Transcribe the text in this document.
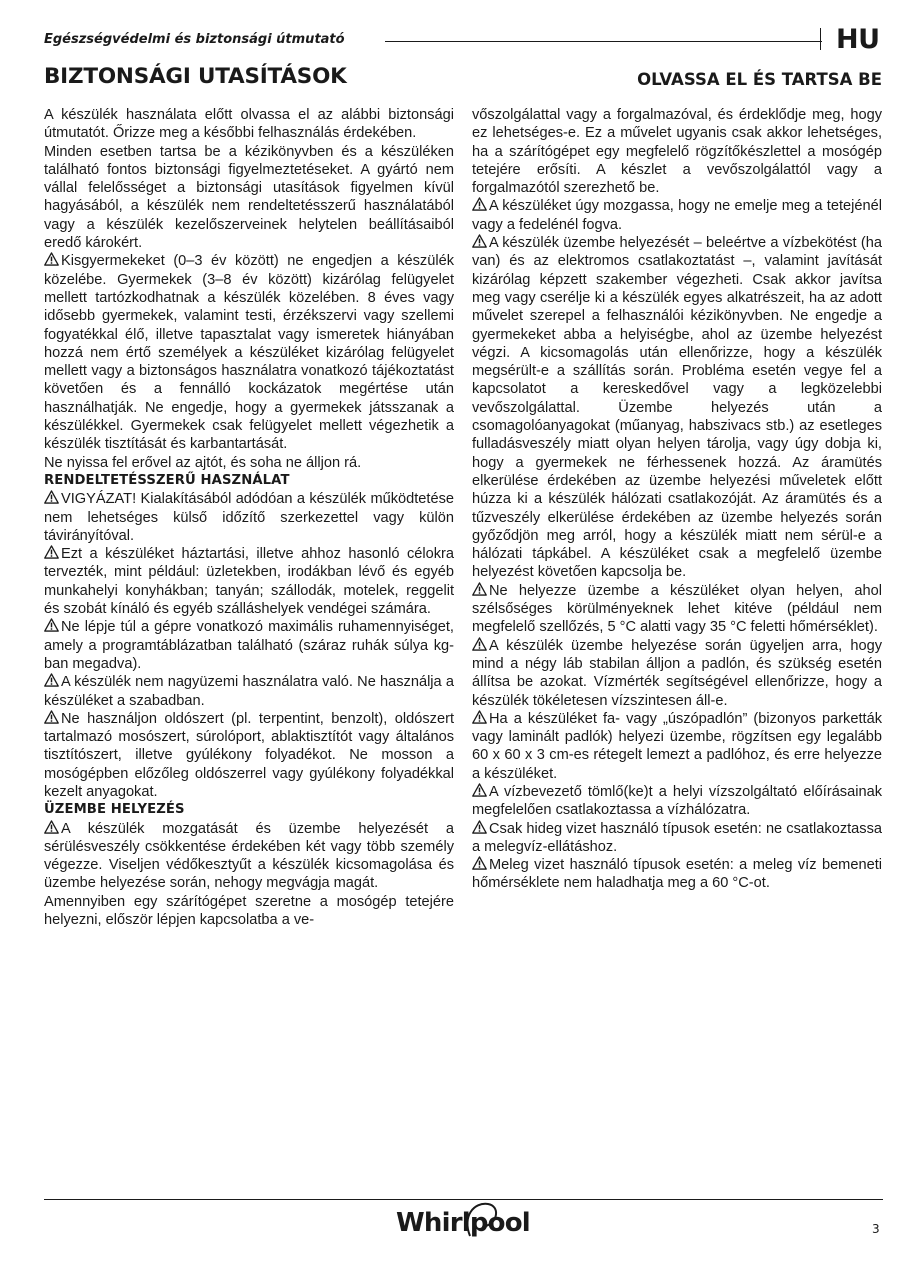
Egészségvédelmi és biztonsági útmutató	HU
BIZTONSÁGI UTASÍTÁSOK	OLVASSA EL ÉS TARTSA BE

A készülék használata előtt olvassa el az alábbi biztonsági útmutatót. Őrizze meg a későbbi felhasználás érdekében.

Minden esetben tartsa be a kézikönyvben és a készüléken található fontos biztonsági figyelmeztetéseket. A gyártó nem vállal felelősséget a biztonsági utasítások figyelmen kívül hagyásából, a készülék nem rendeltetésszerű használatából vagy a készülék kezelőszerveinek helytelen beállításaiból eredő károkért.

Kisgyermekeket (0–3 év között) ne engedjen a készülék közelébe. Gyermekek (3–8 év között) kizárólag felügyelet mellett tartózkodhatnak a készülék közelében. 8 éves vagy idősebb gyermekek, valamint testi, érzékszervi vagy szellemi fogyatékkal élő, illetve tapasztalat vagy ismeretek hiányában hozzá nem értő személyek a készüléket kizárólag felügyelet mellett vagy a biztonságos használatra vonatkozó tájékoztatást követően és a fennálló kockázatok megértése után használhatják. Ne engedje, hogy a gyermekek játsszanak a készülékkel. Gyermekek csak felügyelet mellett végezhetik a készülék tisztítását és karbantartását.

Ne nyissa fel erővel az ajtót, és soha ne álljon rá.

RENDELTETÉSSZERŰ HASZNÁLAT

VIGYÁZAT! Kialakításából adódóan a készülék működtetése nem lehetséges külső időzítő szerkezettel vagy külön távirányítóval.

Ezt a készüléket háztartási, illetve ahhoz hasonló célokra tervezték, mint például: üzletekben, irodákban lévő és egyéb munkahelyi konyhákban; tanyán; szállodák, motelek, reggelit és szobát kínáló és egyéb szálláshelyek vendégei számára.

Ne lépje túl a gépre vonatkozó maximális ruhamennyiséget, amely a programtáblázatban található (száraz ruhák súlya kg-ban megadva).

A készülék nem nagyüzemi használatra való. Ne használja a készüléket a szabadban.

Ne használjon oldószert (pl. terpentint, benzolt), oldószert tartalmazó mosószert, súrolóport, ablaktisztítót vagy általános tisztítószert, illetve gyúlékony folyadékot. Ne mosson a mosógépben előzőleg oldószerrel vagy gyúlékony folyadékkal kezelt anyagokat.

ÜZEMBE HELYEZÉS

A készülék mozgatását és üzembe helyezését a sérülésveszély csökkentése érdekében két vagy több személy végezze. Viseljen védőkesztyűt a készülék kicsomagolása és üzembe helyezése során, nehogy megvágja magát.

Amennyiben egy szárítógépet szeretne a mosógép tetejére helyezni, először lépjen kapcsolatba a ve-

vőszolgálattal vagy a forgalmazóval, és érdeklődje meg, hogy ez lehetséges-e. Ez a művelet ugyanis csak akkor lehetséges, ha a szárítógépet egy megfelelő rögzítőkészlettel a mosógép tetejére erősíti. A készlet a vevőszolgálattól vagy a forgalmazótól szerezhető be.

A készüléket úgy mozgassa, hogy ne emelje meg a tetejénél vagy a fedelénél fogva.

A készülék üzembe helyezését – beleértve a vízbekötést (ha van) és az elektromos csatlakoztatást –, valamint javítását kizárólag képzett szakember végezheti. Csak akkor javítsa meg vagy cserélje ki a készülék egyes alkatrészeit, ha az adott művelet szerepel a felhasználói kézikönyvben. Ne engedje a gyermekeket abba a helyiségbe, ahol az üzembe helyezést végzi. A kicsomagolás után ellenőrizze, hogy a készülék megsérült-e a szállítás során. Probléma esetén vegye fel a kapcsolatot a kereskedővel vagy a legközelebbi vevőszolgálattal. Üzembe helyezés után a csomagolóanyagokat (műanyag, habszivacs stb.) az esetleges fulladásveszély miatt olyan helyen tárolja, vagy úgy dobja ki, hogy a gyermekek ne férhessenek hozzá. Az áramütés elkerülése érdekében az üzembe helyezési műveletek előtt húzza ki a készülék hálózati csatlakozóját. Az áramütés és a tűzveszély elkerülése érdekében az üzembe helyezés során győződjön meg arról, hogy a készülék miatt nem sérül-e a hálózati tápkábel. A készüléket csak a megfelelő üzembe helyezést követően kapcsolja be.

Ne helyezze üzembe a készüléket olyan helyen, ahol szélsőséges körülményeknek lehet kitéve (például nem megfelelő szellőzés, 5 °C alatti vagy 35 °C feletti hőmérséklet).

A készülék üzembe helyezése során ügyeljen arra, hogy mind a négy láb stabilan álljon a padlón, és szükség esetén állítsa be azokat. Vízmérték segítségével ellenőrizze, hogy a készülék tökéletesen vízszintesen áll-e.

Ha a készüléket fa- vagy „úszópadlón” (bizonyos parketták vagy laminált padlók) helyezi üzembe, rögzítsen egy legalább 60 x 60 x 3 cm-es rétegelt lemezt a padlóhoz, és erre helyezze a készüléket.

A vízbevezető tömlő(ke)t a helyi vízszolgáltató előírásainak megfelelően csatlakoztassa a vízhálózatra.

Csak hideg vizet használó típusok esetén: ne csatlakoztassa a melegvíz-ellátáshoz.

Meleg vizet használó típusok esetén: a meleg víz bemeneti hőmérséklete nem haladhatja meg a 60 °C-ot.

Whirlpool	3
